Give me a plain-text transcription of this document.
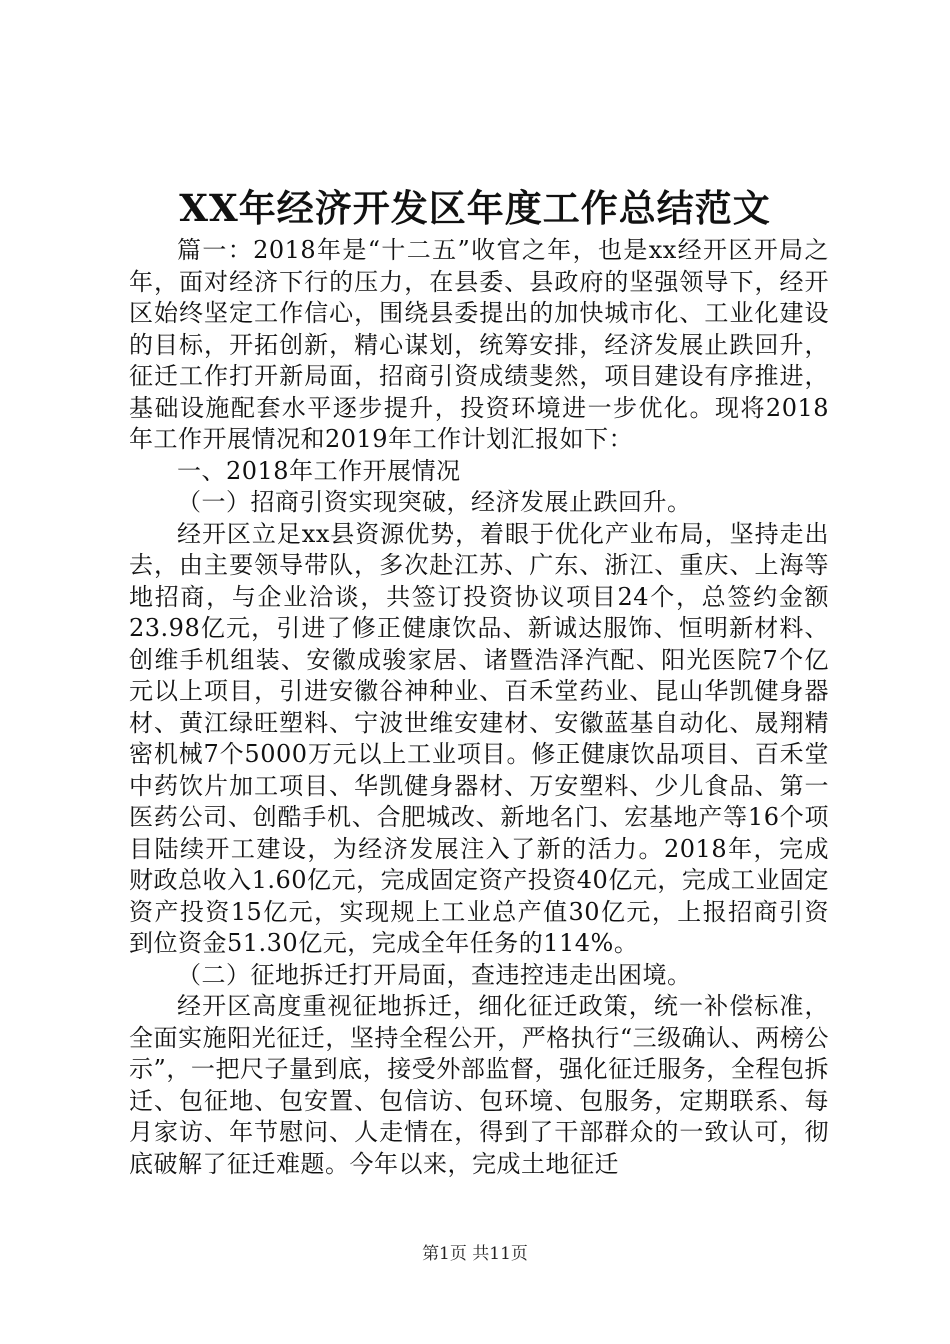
XX年经济开发区年度工作总结范文

篇一：2018年是“十二五”收官之年，也是xx经开区开局之年，面对经济下行的压力，在县委、县政府的坚强领导下，经开区始终坚定工作信心，围绕县委提出的加快城市化、工业化建设的目标，开拓创新，精心谋划，统筹安排，经济发展止跌回升，征迁工作打开新局面，招商引资成绩斐然，项目建设有序推进，基础设施配套水平逐步提升，投资环境进一步优化。现将2018年工作开展情况和2019年工作计划汇报如下：

一、2018年工作开展情况

（一）招商引资实现突破，经济发展止跌回升。

经开区立足xx县资源优势，着眼于优化产业布局，坚持走出去，由主要领导带队，多次赴江苏、广东、浙江、重庆、上海等地招商，与企业洽谈，共签订投资协议项目24个，总签约金额23.98亿元，引进了修正健康饮品、新诚达服饰、恒明新材料、创维手机组装、安徽成骏家居、诸暨浩泽汽配、阳光医院7个亿元以上项目，引进安徽谷神种业、百禾堂药业、昆山华凯健身器材、黄江绿旺塑料、宁波世维安建材、安徽蓝基自动化、晟翔精密机械7个5000万元以上工业项目。修正健康饮品项目、百禾堂中药饮片加工项目、华凯健身器材、万安塑料、少儿食品、第一医药公司、创酷手机、合肥城改、新地名门、宏基地产等16个项目陆续开工建设，为经济发展注入了新的活力。2018年，完成财政总收入1.60亿元，完成固定资产投资40亿元，完成工业固定资产投资15亿元，实现规上工业总产值30亿元，上报招商引资到位资金51.30亿元，完成全年任务的114%。

（二）征地拆迁打开局面，查违控违走出困境。

经开区高度重视征地拆迁，细化征迁政策，统一补偿标准，全面实施阳光征迁，坚持全程公开，严格执行“三级确认、两榜公示”，一把尺子量到底，接受外部监督，强化征迁服务，全程包拆迁、包征地、包安置、包信访、包环境、包服务，定期联系、每月家访、年节慰问、人走情在，得到了干部群众的一致认可，彻底破解了征迁难题。今年以来，完成土地征迁

第1页 共11页
